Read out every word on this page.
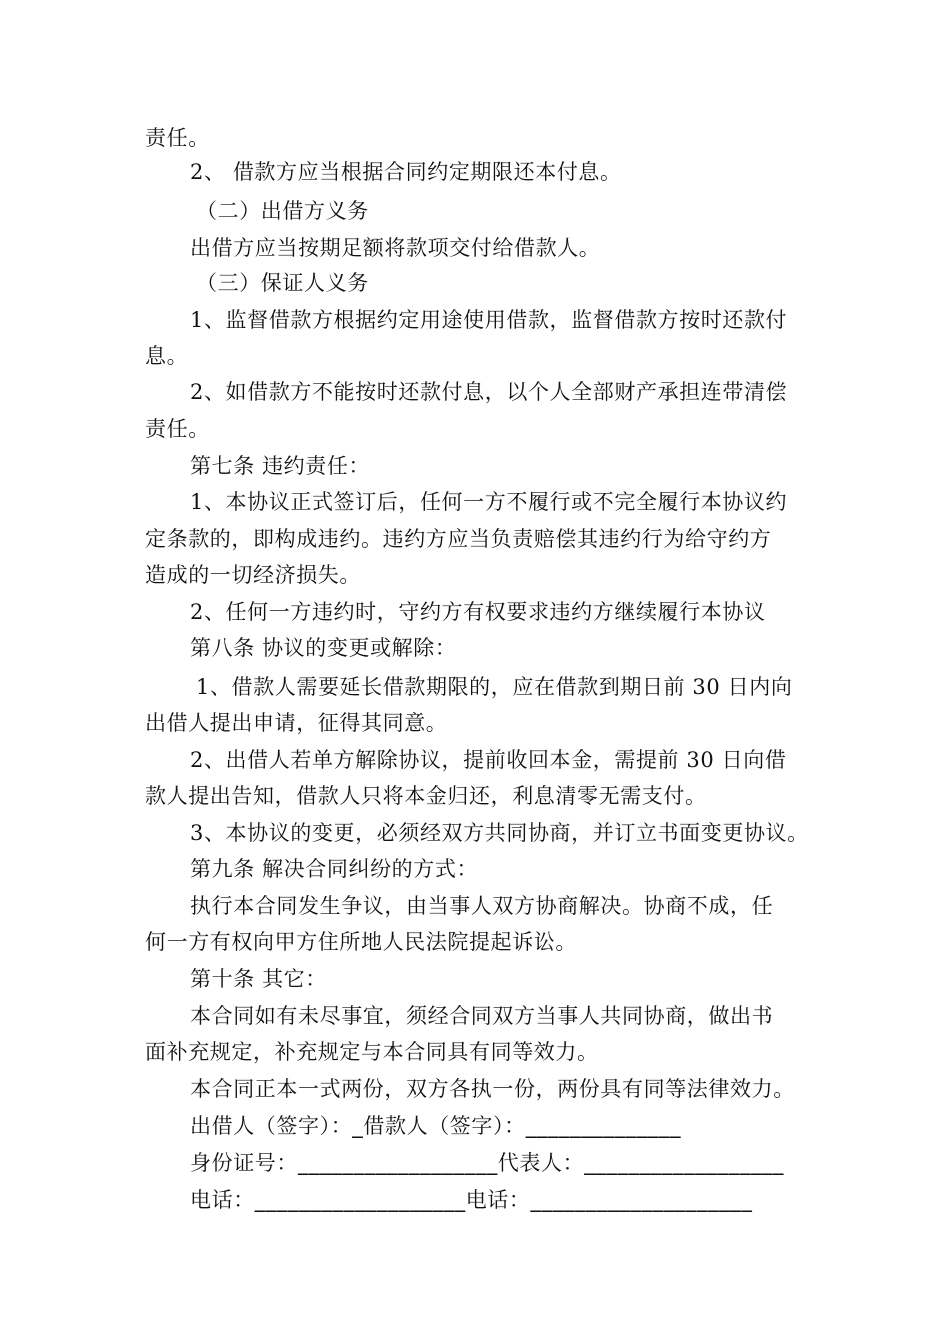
责任。
2、 借款方应当根据合同约定期限还本付息。
（二）出借方义务
出借方应当按期足额将款项交付给借款人。
（三）保证人义务
1、监督借款方根据约定用途使用借款，监督借款方按时还款付
息。
2、如借款方不能按时还款付息，以个人全部财产承担连带清偿
责任。
第七条 违约责任：
1、本协议正式签订后，任何一方不履行或不完全履行本协议约
定条款的，即构成违约。违约方应当负责赔偿其违约行为给守约方
造成的一切经济损失。
2、任何一方违约时，守约方有权要求违约方继续履行本协议
第八条 协议的变更或解除：
1、借款人需要延长借款期限的，应在借款到期日前 30 日内向
出借人提出申请，征得其同意。
2、出借人若单方解除协议，提前收回本金，需提前 30 日向借
款人提出告知，借款人只将本金归还，利息清零无需支付。
3、本协议的变更，必须经双方共同协商，并订立书面变更协议。
第九条 解决合同纠纷的方式：
执行本合同发生争议，由当事人双方协商解决。协商不成，任
何一方有权向甲方住所地人民法院提起诉讼。
第十条 其它：
本合同如有未尽事宜，须经合同双方当事人共同协商，做出书
面补充规定，补充规定与本合同具有同等效力。
本合同正本一式两份，双方各执一份，两份具有同等法律效力。
出借人（签字）：_借款人（签字）：______________
身份证号：__________________代表人：__________________
电话：___________________电话：____________________
